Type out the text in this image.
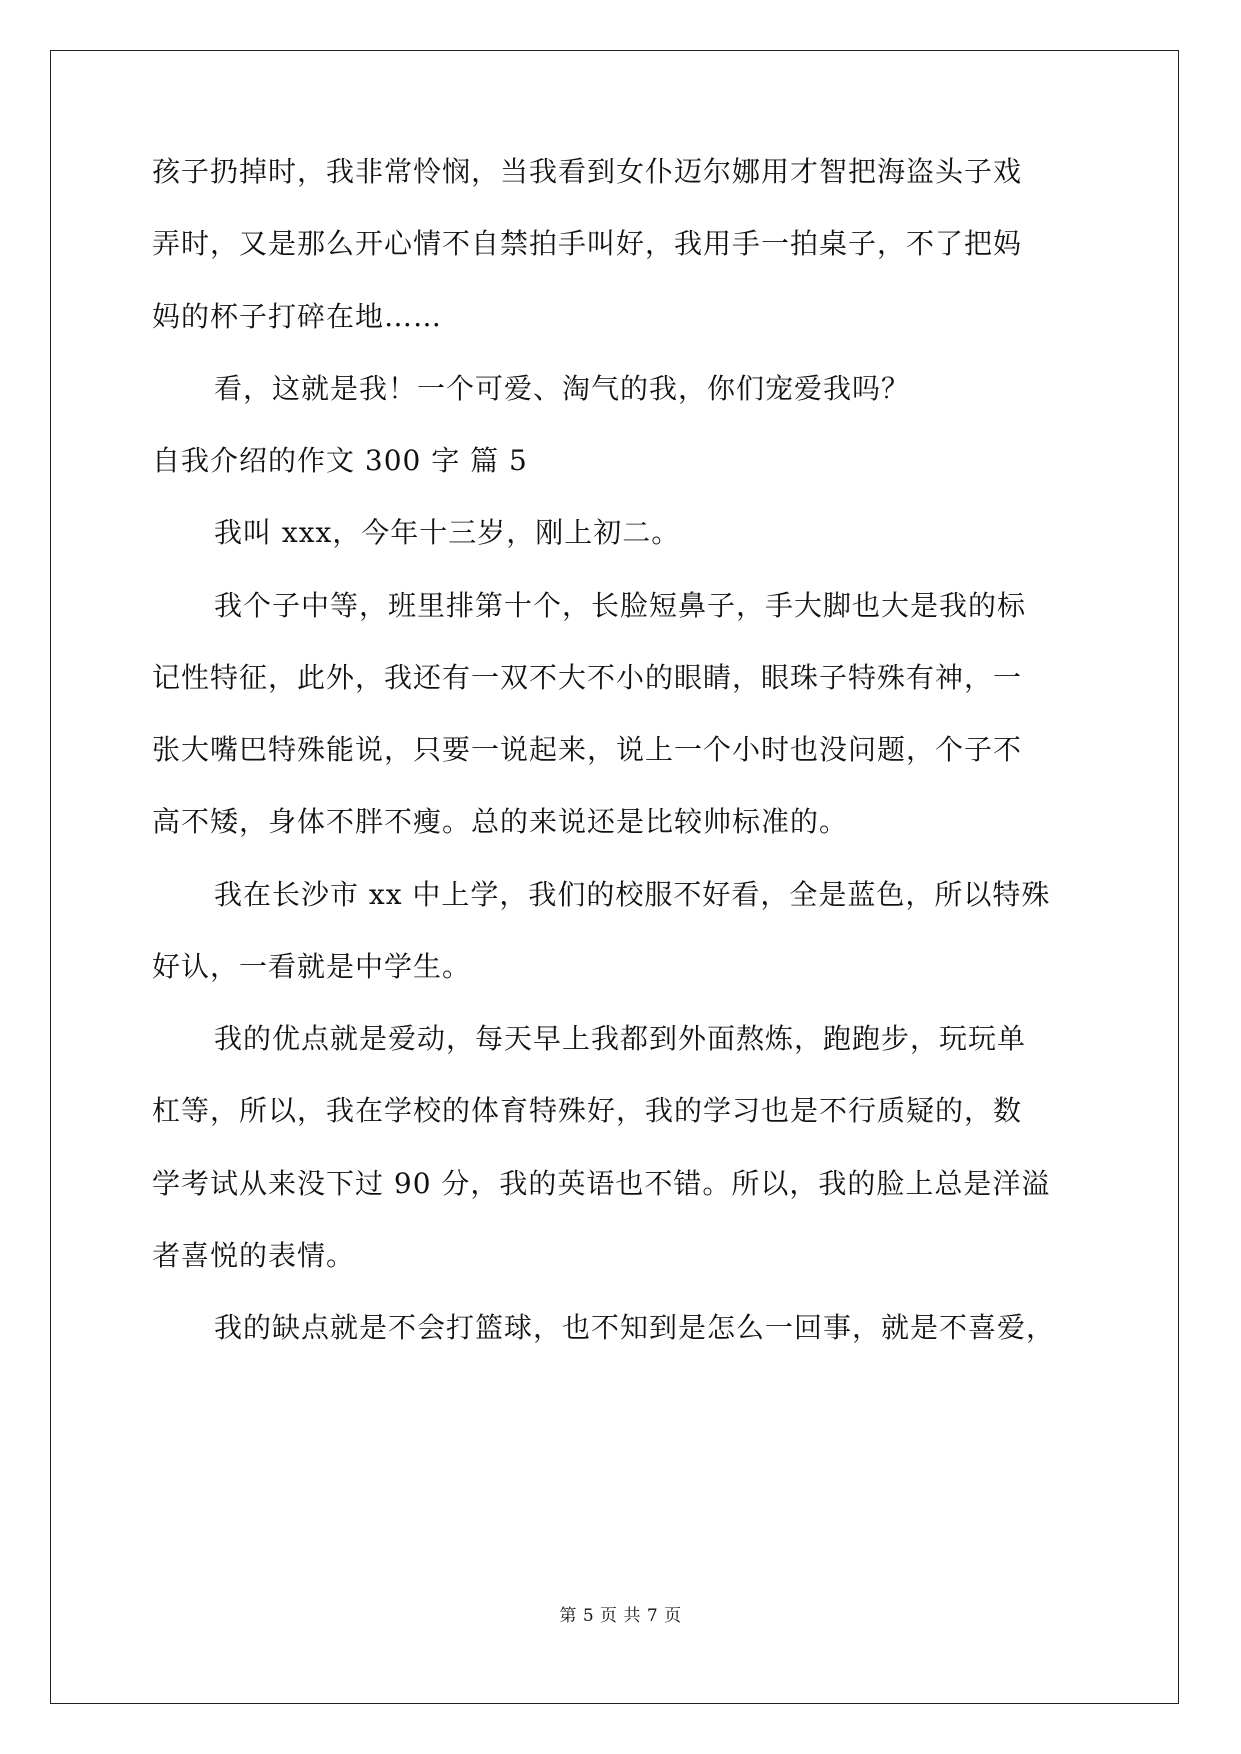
孩子扔掉时，我非常怜悯，当我看到女仆迈尔娜用才智把海盗头子戏
弄时，又是那么开心情不自禁拍手叫好，我用手一拍桌子，不了把妈
妈的杯子打碎在地……
看，这就是我！一个可爱、淘气的我，你们宠爱我吗？
自我介绍的作文 300 字 篇 5
我叫 xxx，今年十三岁，刚上初二。
我个子中等，班里排第十个，长脸短鼻子，手大脚也大是我的标
记性特征，此外，我还有一双不大不小的眼睛，眼珠子特殊有神，一
张大嘴巴特殊能说，只要一说起来，说上一个小时也没问题，个子不
高不矮，身体不胖不瘦。总的来说还是比较帅标准的。
我在长沙市 xx 中上学，我们的校服不好看，全是蓝色，所以特殊
好认，一看就是中学生。
我的优点就是爱动，每天早上我都到外面熬炼，跑跑步，玩玩单
杠等，所以，我在学校的体育特殊好，我的学习也是不行质疑的，数
学考试从来没下过 90 分，我的英语也不错。所以，我的脸上总是洋溢
者喜悦的表情。
我的缺点就是不会打篮球，也不知到是怎么一回事，就是不喜爱，
第 5 页 共 7 页
